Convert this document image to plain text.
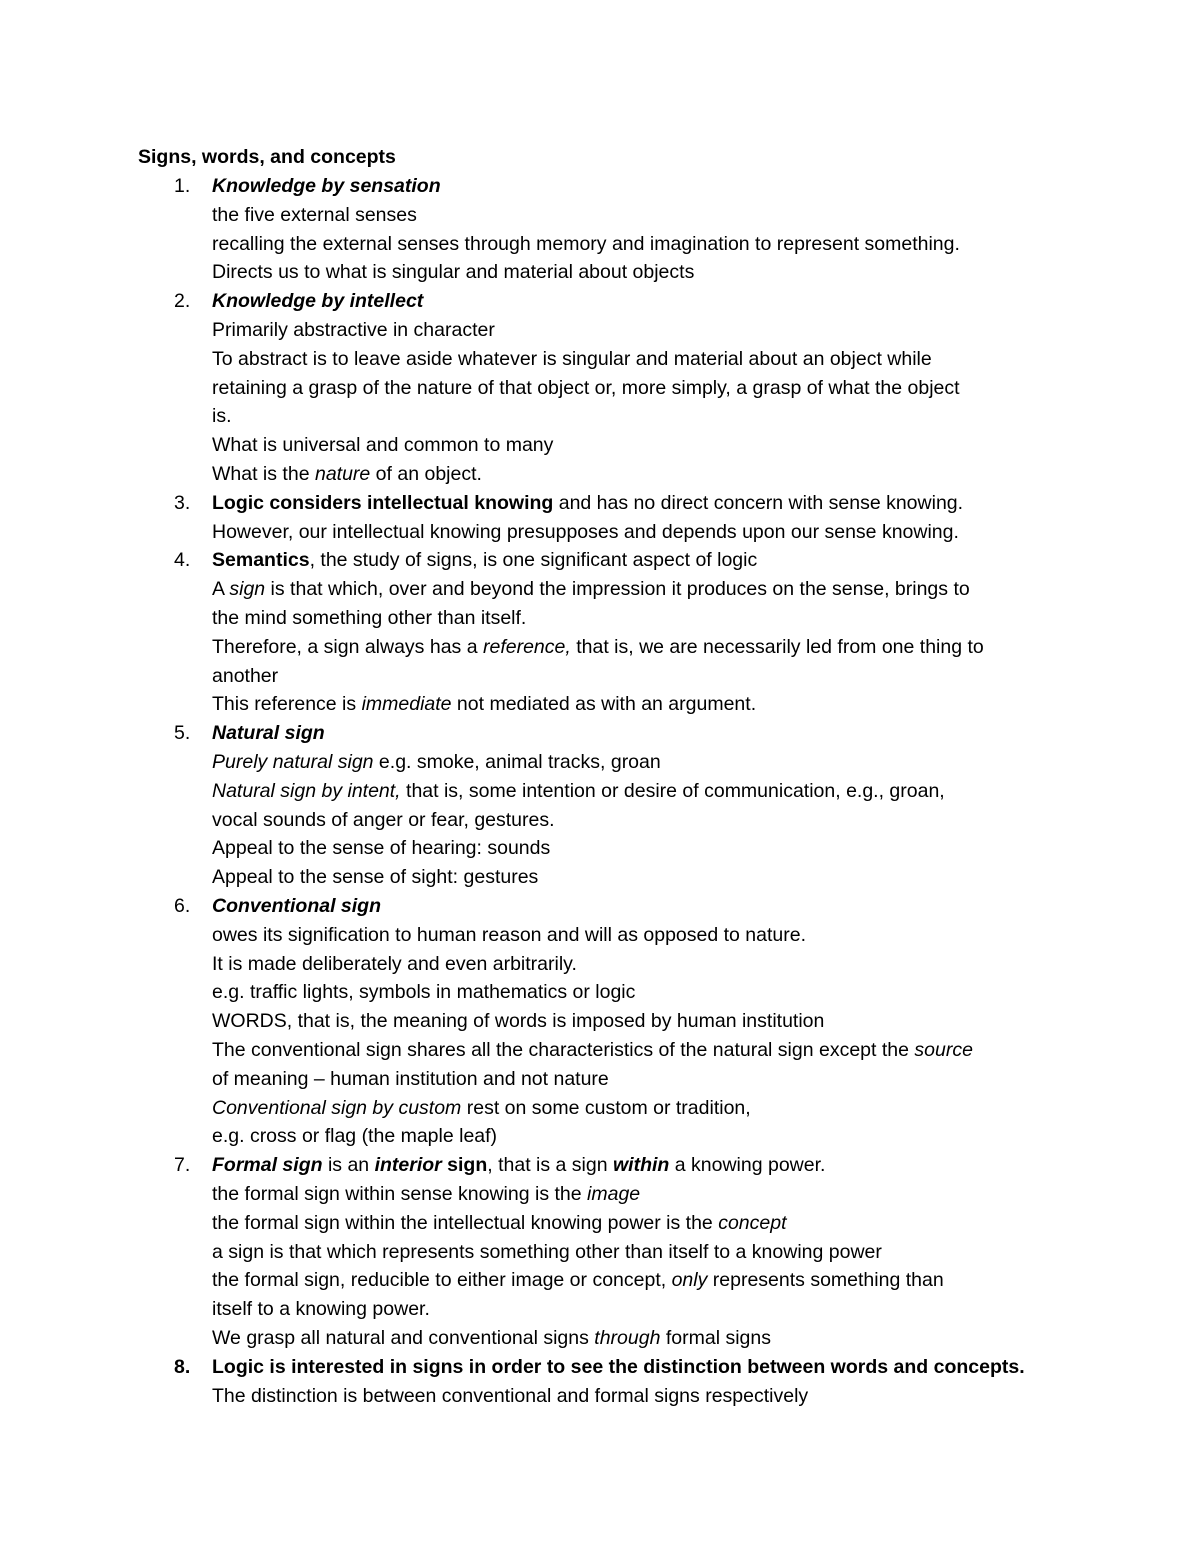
Signs, words, and concepts
1.	Knowledge by sensation

the five external senses

recalling the external senses through memory and imagination to represent something.

Directs us to what is singular and material about objects

2.	Knowledge by intellect

Primarily abstractive in character

To abstract is to leave aside whatever is singular and material about an object while

retaining a grasp of the nature of that object or, more simply, a grasp of what the object

is.

What is universal and common to many

What is the nature of an object.

3.	Logic considers intellectual knowing and has no direct concern with sense knowing.

However, our intellectual knowing presupposes and depends upon our sense knowing.

4.	Semantics, the study of signs, is one significant aspect of logic

A sign is that which, over and beyond the impression it produces on the sense, brings to

the mind something other than itself.

Therefore, a sign always has a reference, that is, we are necessarily led from one thing to

another

This reference is immediate not mediated as with an argument.

5.	Natural sign

Purely natural sign e.g. smoke, animal tracks, groan

Natural sign by intent, that is, some intention or desire of communication, e.g., groan,

vocal sounds of anger or fear, gestures.

Appeal to the sense of hearing: sounds

Appeal to the sense of sight: gestures

6.	Conventional sign

owes its signification to human reason and will as opposed to nature.

It is made deliberately and even arbitrarily.

e.g. traffic lights, symbols in mathematics or logic

WORDS, that is, the meaning of words is imposed by human institution

The conventional sign shares all the characteristics of the natural sign except the source

of meaning – human institution and not nature

Conventional sign by custom rest on some custom or tradition,

e.g. cross or flag (the maple leaf)

7.	Formal sign is an interior sign, that is a sign within a knowing power.

the formal sign within sense knowing is the image

the formal sign within the intellectual knowing power is the concept

a sign is that which represents something other than itself to a knowing power

the formal sign, reducible to either image or concept, only represents something than

itself to a knowing power.

We grasp all natural and conventional signs through formal signs

8.	Logic is interested in signs in order to see the distinction between words and concepts.

The distinction is between conventional and formal signs respectively
